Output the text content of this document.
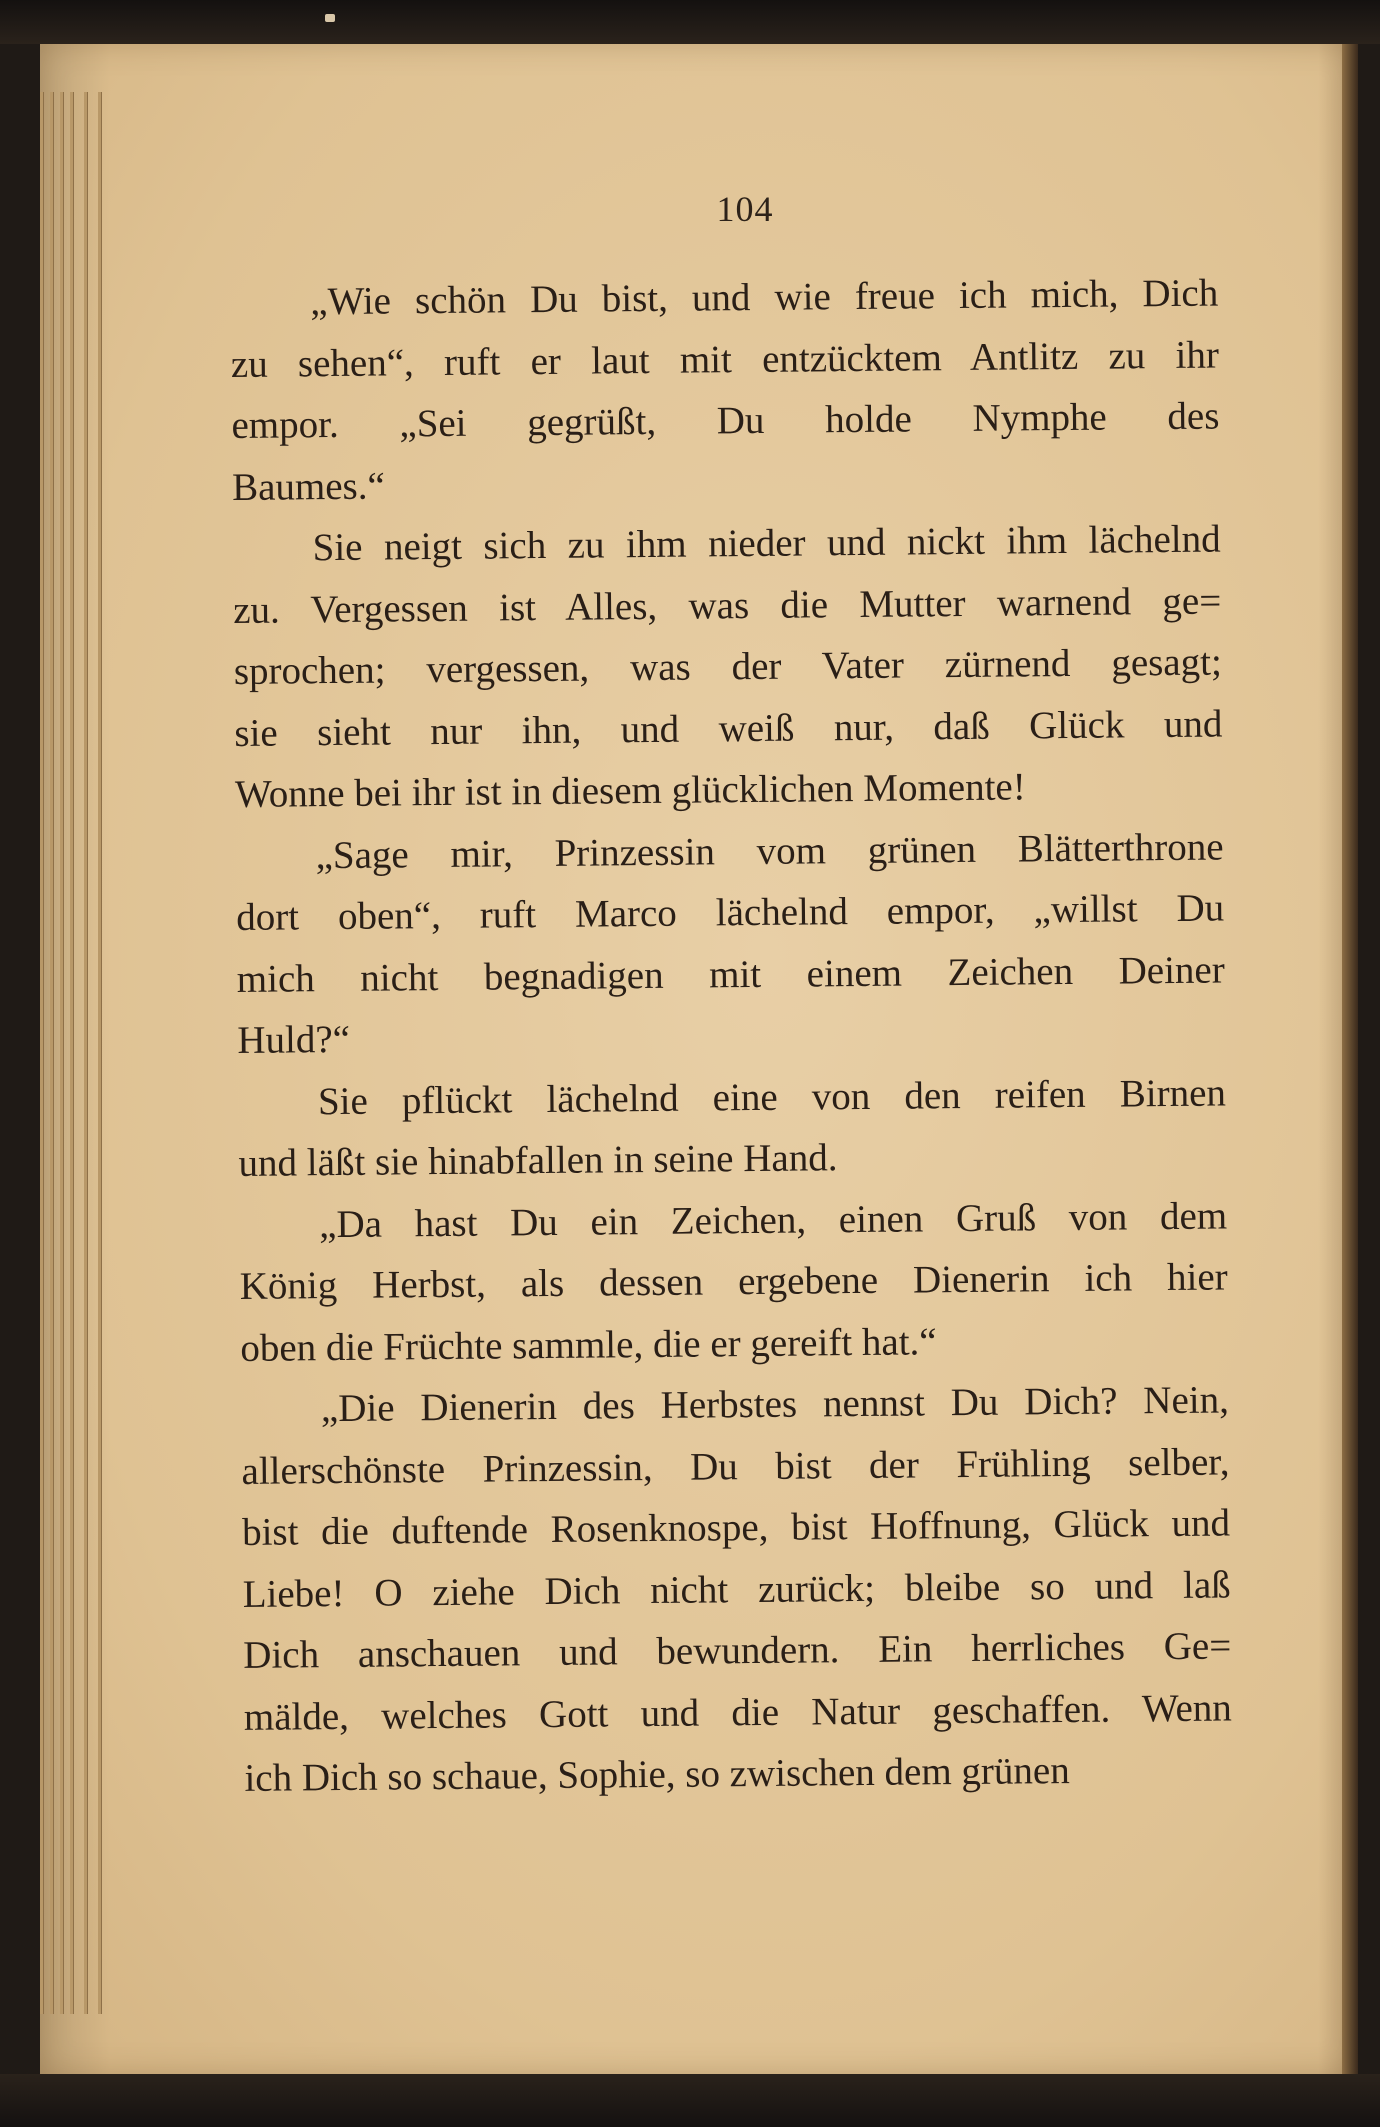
104
„Wie schön Du bist, und wie freue ich mich, Dich
zu sehen“, ruft er laut mit entzücktem Antlitz zu ihr
empor. „Sei gegrüßt, Du holde Nymphe des
Baumes.“
Sie neigt sich zu ihm nieder und nickt ihm lächelnd
zu. Vergessen ist Alles, was die Mutter warnend ge=
sprochen; vergessen, was der Vater zürnend gesagt;
sie sieht nur ihn, und weiß nur, daß Glück und
Wonne bei ihr ist in diesem glücklichen Momente!
„Sage mir, Prinzessin vom grünen Blätterthrone
dort oben“, ruft Marco lächelnd empor, „willst Du
mich nicht begnadigen mit einem Zeichen Deiner
Huld?“
Sie pflückt lächelnd eine von den reifen Birnen
und läßt sie hinabfallen in seine Hand.
„Da hast Du ein Zeichen, einen Gruß von dem
König Herbst, als dessen ergebene Dienerin ich hier
oben die Früchte sammle, die er gereift hat.“
„Die Dienerin des Herbstes nennst Du Dich? Nein,
allerschönste Prinzessin, Du bist der Frühling selber,
bist die duftende Rosenknospe, bist Hoffnung, Glück und
Liebe! O ziehe Dich nicht zurück; bleibe so und laß
Dich anschauen und bewundern. Ein herrliches Ge=
mälde, welches Gott und die Natur geschaffen. Wenn
ich Dich so schaue, Sophie, so zwischen dem grünen
